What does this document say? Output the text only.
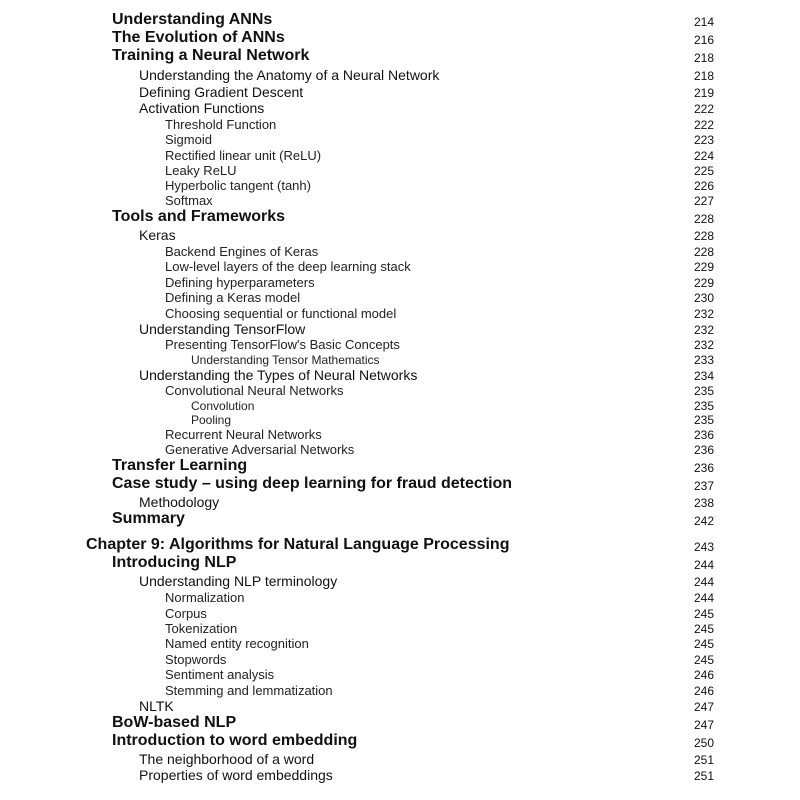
Understanding ANNs	214
The Evolution of ANNs	216
Training a Neural Network	218
Understanding the Anatomy of a Neural Network	218
Defining Gradient Descent	219
Activation Functions	222
Threshold Function	222
Sigmoid	223
Rectified linear unit (ReLU)	224
Leaky ReLU	225
Hyperbolic tangent (tanh)	226
Softmax	227
Tools and Frameworks	228
Keras	228
Backend Engines of Keras	228
Low-level layers of the deep learning stack	229
Defining hyperparameters	229
Defining a Keras model	230
Choosing sequential or functional model	232
Understanding TensorFlow	232
Presenting TensorFlow's Basic Concepts	232
Understanding Tensor Mathematics	233
Understanding the Types of Neural Networks	234
Convolutional Neural Networks	235
Convolution	235
Pooling	235
Recurrent Neural Networks	236
Generative Adversarial Networks	236
Transfer Learning	236
Case study – using deep learning for fraud detection	237
Methodology	238
Summary	242
Chapter 9: Algorithms for Natural Language Processing	243
Introducing NLP	244
Understanding NLP terminology	244
Normalization	244
Corpus	245
Tokenization	245
Named entity recognition	245
Stopwords	245
Sentiment analysis	246
Stemming and lemmatization	246
NLTK	247
BoW-based NLP	247
Introduction to word embedding	250
The neighborhood of a word	251
Properties of word embeddings	251
